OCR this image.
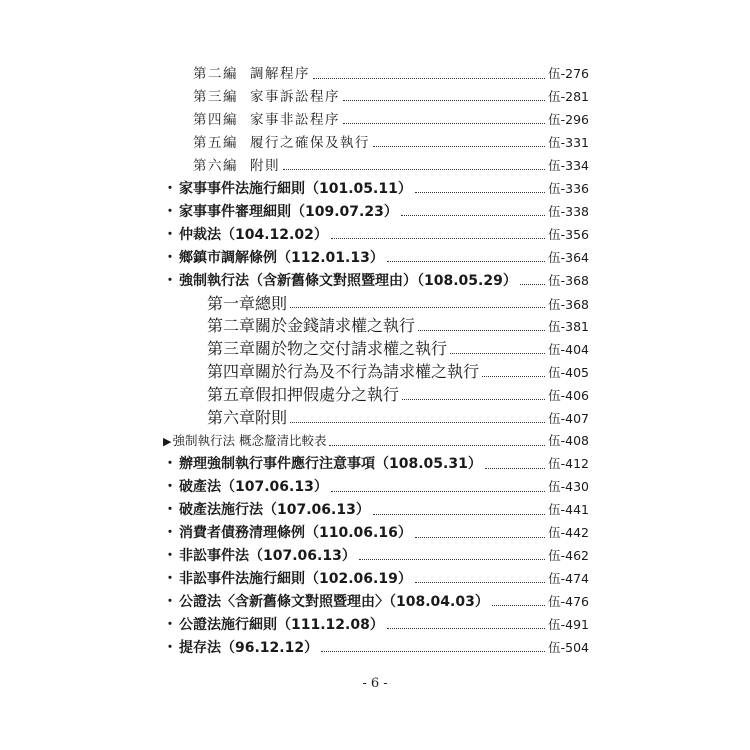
第二編 調解程序	伍-276
第三編 家事訴訟程序	伍-281
第四編 家事非訟程序	伍-296
第五編 履行之確保及執行	伍-331
第六編 附則	伍-334
・ 家事事件法施行細則（101.05.11）	伍-336
・ 家事事件審理細則（109.07.23）	伍-338
・ 仲裁法（104.12.02）	伍-356
・ 鄉鎮市調解條例（112.01.13）	伍-364
・ 強制執行法（含新舊條文對照暨理由）（108.05.29）	伍-368
第一章總則	伍-368
第二章關於金錢請求權之執行	伍-381
第三章關於物之交付請求權之執行	伍-404
第四章關於行為及不行為請求權之執行	伍-405
第五章假扣押假處分之執行	伍-406
第六章附則	伍-407
▶強制執行法 概念釐清比較表	伍-408
・ 辦理強制執行事件應行注意事項（108.05.31）	伍-412
・ 破產法（107.06.13）	伍-430
・ 破產法施行法（107.06.13）	伍-441
・ 消費者債務清理條例（110.06.16）	伍-442
・ 非訟事件法（107.06.13）	伍-462
・ 非訟事件法施行細則（102.06.19）	伍-474
・ 公證法〈含新舊條文對照暨理由〉（108.04.03）	伍-476
・ 公證法施行細則（111.12.08）	伍-491
・ 提存法（96.12.12）	伍-504
- 6 -
